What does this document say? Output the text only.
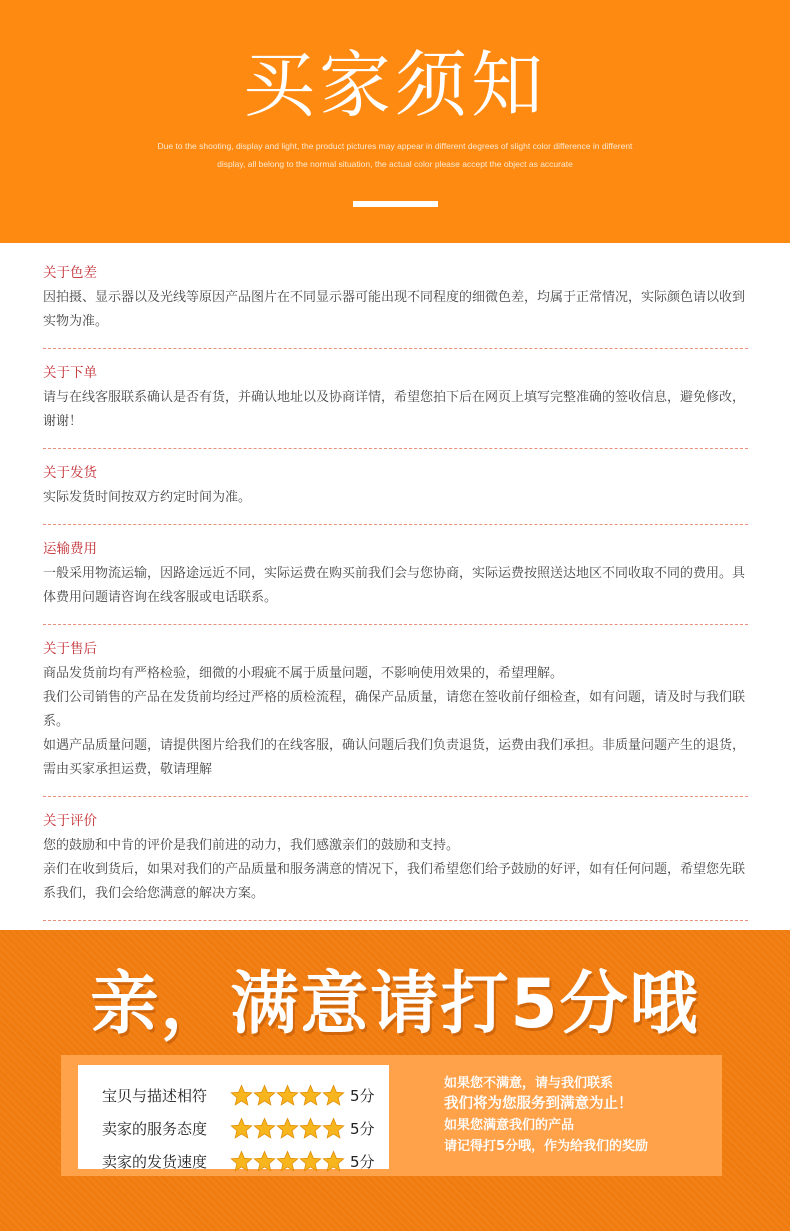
买家须知
Due to the shooting, display and light, the product pictures may appear in different degrees of slight color difference in different
display, all belong to the normal situation, the actual color please accept the object as accurate
关于色差

因拍摄、显示器以及光线等原因产品图片在不同显示器可能出现不同程度的细微色差，均属于正常情况，实际颜色请以收到实物为准。

关于下单

请与在线客服联系确认是否有货，并确认地址以及协商详情，希望您拍下后在网页上填写完整准确的签收信息，避免修改，谢谢！

关于发货

实际发货时间按双方约定时间为准。

运输费用

一般采用物流运输，因路途远近不同，实际运费在购买前我们会与您协商，实际运费按照送达地区不同收取不同的费用。具体费用问题请咨询在线客服或电话联系。

关于售后

商品发货前均有严格检验，细微的小瑕疵不属于质量问题，不影响使用效果的，希望理解。

我们公司销售的产品在发货前均经过严格的质检流程，确保产品质量，请您在签收前仔细检查，如有问题，请及时与我们联系。

如遇产品质量问题，请提供图片给我们的在线客服，确认问题后我们负责退货，运费由我们承担。非质量问题产生的退货，需由买家承担运费，敬请理解

关于评价

您的鼓励和中肯的评价是我们前进的动力，我们感激亲们的鼓励和支持。

亲们在收到货后，如果对我们的产品质量和服务满意的情况下，我们希望您们给予鼓励的好评，如有任何问题，希望您先联系我们，我们会给您满意的解决方案。

亲，满意请打5分哦
宝贝与描述相符	5分
卖家的服务态度	5分
卖家的发货速度	5分

如果您不满意，请与我们联系

我们将为您服务到满意为止！

如果您满意我们的产品

请记得打5分哦，作为给我们的奖励
